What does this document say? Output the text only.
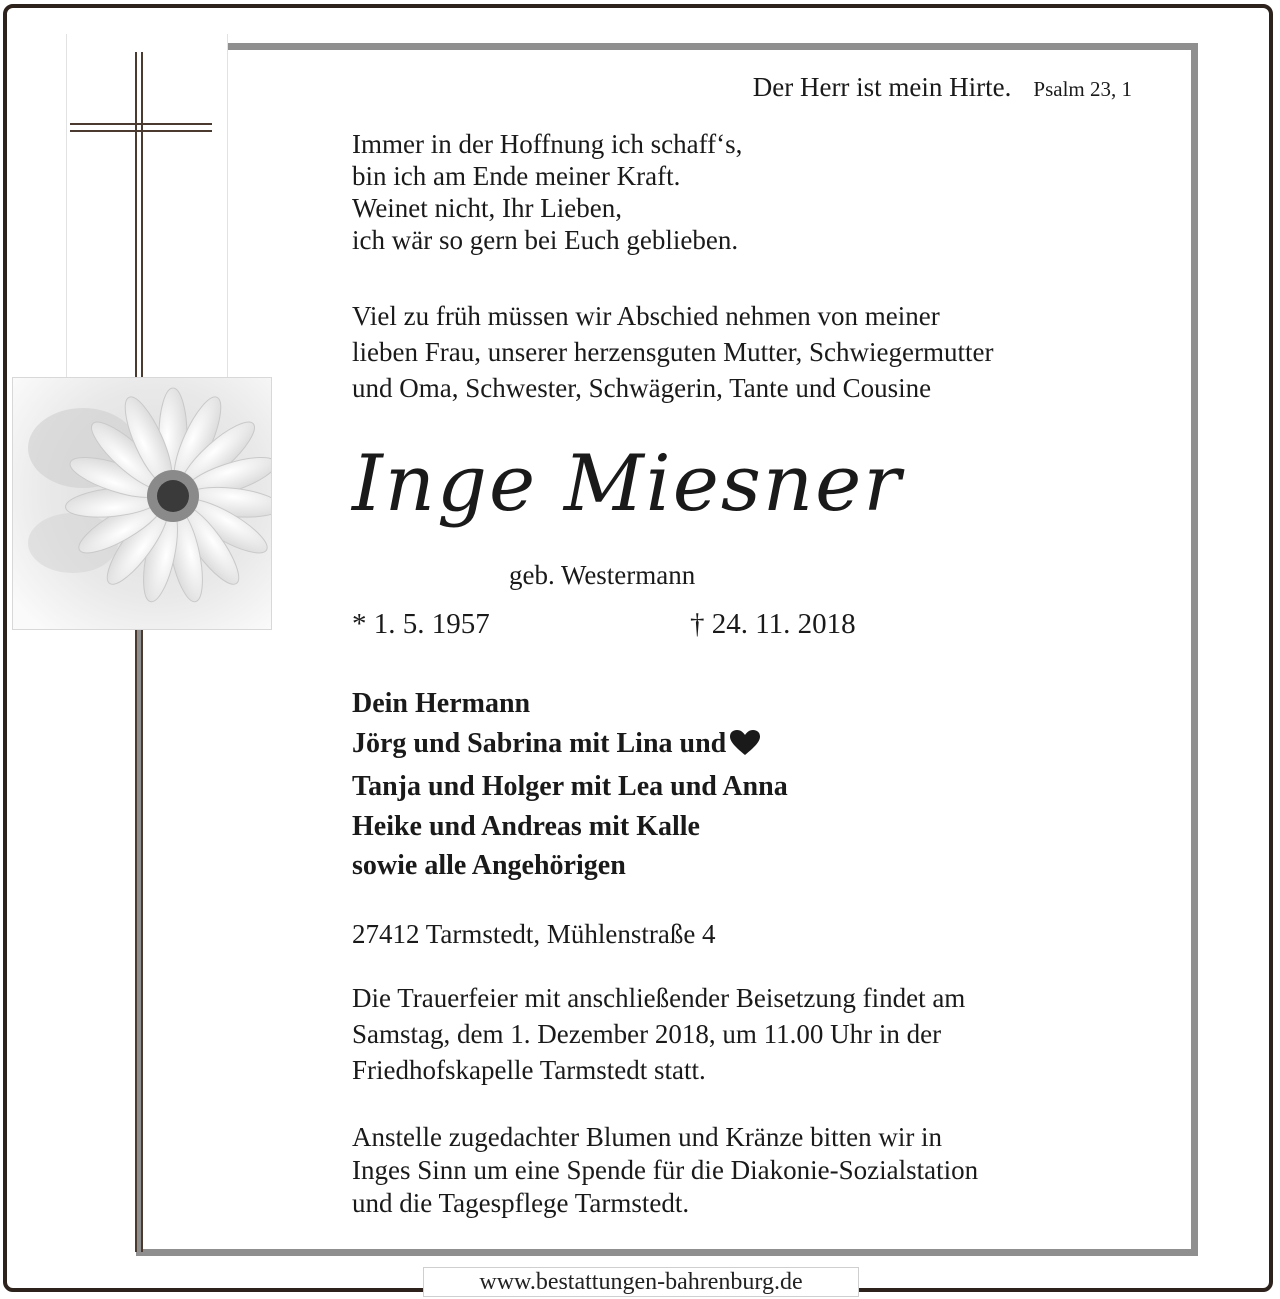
Der Herr ist mein Hirte. Psalm 23, 1
Immer in der Hoffnung ich schaff‘s,
bin ich am Ende meiner Kraft.
Weinet nicht, Ihr Lieben,
ich wär so gern bei Euch geblieben.
Viel zu früh müssen wir Abschied nehmen von meiner
lieben Frau, unserer herzensguten Mutter, Schwiegermutter
und Oma, Schwester, Schwägerin, Tante und Cousine
Inge Miesner
geb. Westermann
* 1. 5. 1957	† 24. 11. 2018
Dein Hermann
Jörg und Sabrina mit Lina und
Tanja und Holger mit Lea und Anna
Heike und Andreas mit Kalle
sowie alle Angehörigen
27412 Tarmstedt, Mühlenstraße 4
Die Trauerfeier mit anschließender Beisetzung findet am
Samstag, dem 1. Dezember 2018, um 11.00 Uhr in der
Friedhofskapelle Tarmstedt statt.
Anstelle zugedachter Blumen und Kränze bitten wir in
Inges Sinn um eine Spende für die Diakonie-Sozialstation
und die Tagespflege Tarmstedt.
www.bestattungen-bahrenburg.de
